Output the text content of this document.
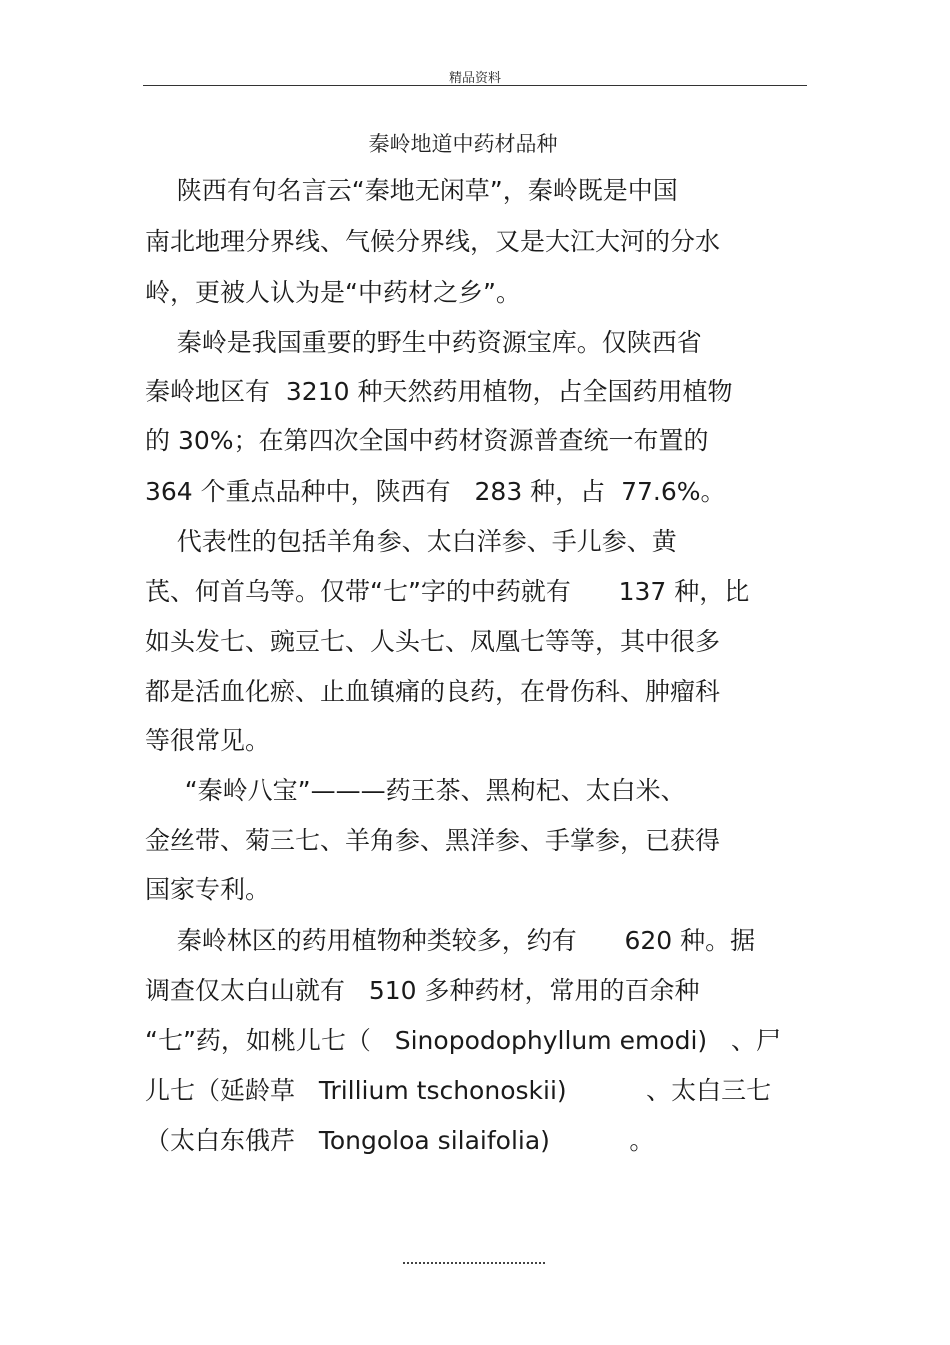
精品资料
秦岭地道中药材品种
陕西有句名言云“秦地无闲草”，秦岭既是中国
南北地理分界线、气候分界线，又是大江大河的分水
岭，更被人认为是“中药材之乡”。
秦岭是我国重要的野生中药资源宝库。仅陕西省
秦岭地区有  3210 种天然药用植物，占全国药用植物
的 30%；在第四次全国中药材资源普查统一布置的
364 个重点品种中，陕西有   283 种，占  77.6%。
代表性的包括羊角参、太白洋参、手儿参、黄
芪、何首乌等。仅带“七”字的中药就有      137 种，比
如头发七、豌豆七、人头七、凤凰七等等，其中很多
都是活血化瘀、止血镇痛的良药，在骨伤科、肿瘤科
等很常见。
“秦岭八宝”———药王茶、黑枸杞、太白米、
金丝带、菊三七、羊角参、黑洋参、手掌参，已获得
国家专利。
秦岭林区的药用植物种类较多，约有      620 种。据
调查仅太白山就有   510 多种药材，常用的百余种
“七”药，如桃儿七（   Sinopodophyllum emodi)   、尸
儿七（延龄草   Trillium tschonoskii)          、太白三七
（太白东俄芹   Tongoloa silaifolia)          。
